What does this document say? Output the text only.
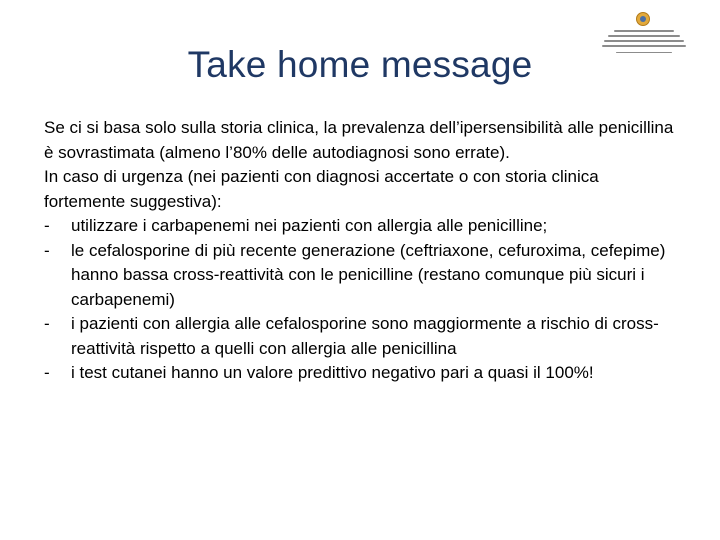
Take home message

Se ci si basa solo sulla storia clinica, la prevalenza dell’ipersensibilità alle penicillina è sovrastimata (almeno l’80% delle autodiagnosi sono errate).

In caso di urgenza (nei pazienti con diagnosi accertate o con storia clinica fortemente suggestiva):

- utilizzare i carbapenemi nei pazienti con allergia alle penicilline;
- le cefalosporine di più recente generazione (ceftriaxone, cefuroxima, cefepime) hanno bassa cross-reattività con le penicilline (restano comunque più sicuri i carbapenemi)
- i pazienti con allergia alle cefalosporine sono maggiormente a rischio di cross-reattività rispetto a quelli con allergia alle penicillina
- i test cutanei hanno un valore predittivo negativo pari a quasi il 100%!
